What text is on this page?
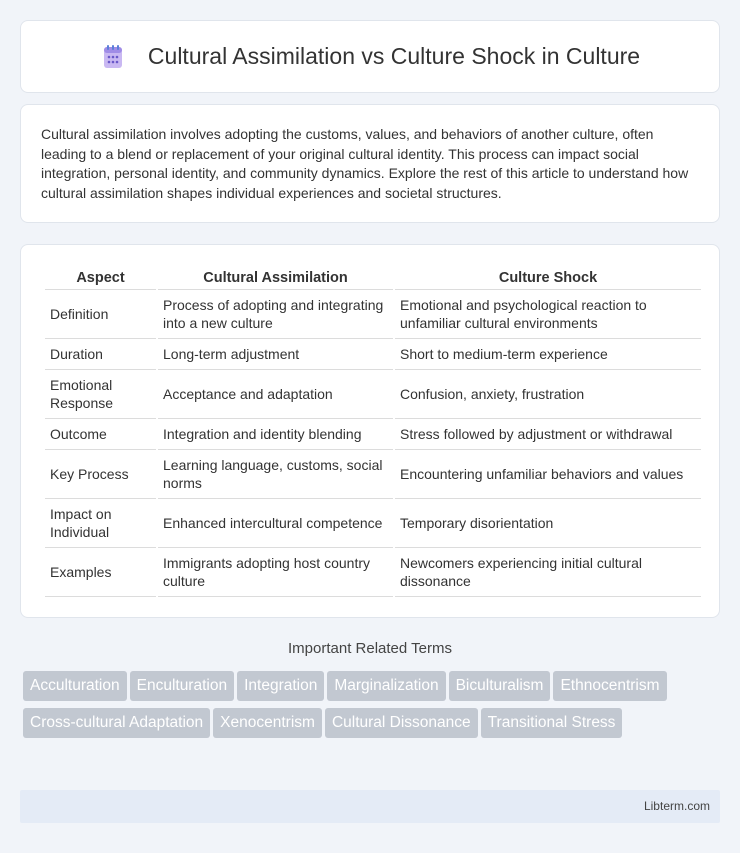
Cultural Assimilation vs Culture Shock in Culture

Cultural assimilation involves adopting the customs, values, and behaviors of another culture, often leading to a blend or replacement of your original cultural identity. This process can impact social integration, personal identity, and community dynamics. Explore the rest of this article to understand how cultural assimilation shapes individual experiences and societal structures.

Aspect	Cultural Assimilation	Culture Shock
Definition	Process of adopting and integrating into a new culture	Emotional and psychological reaction to unfamiliar cultural environments
Duration	Long-term adjustment	Short to medium-term experience
Emotional Response	Acceptance and adaptation	Confusion, anxiety, frustration
Outcome	Integration and identity blending	Stress followed by adjustment or withdrawal
Key Process	Learning language, customs, social norms	Encountering unfamiliar behaviors and values
Impact on Individual	Enhanced intercultural competence	Temporary disorientation
Examples	Immigrants adopting host country culture	Newcomers experiencing initial cultural dissonance
Important Related Terms
Acculturation Enculturation Integration Marginalization Biculturalism EthnocentrismCross-cultural Adaptation Xenocentrism Cultural Dissonance Transitional Stress
Libterm.com
